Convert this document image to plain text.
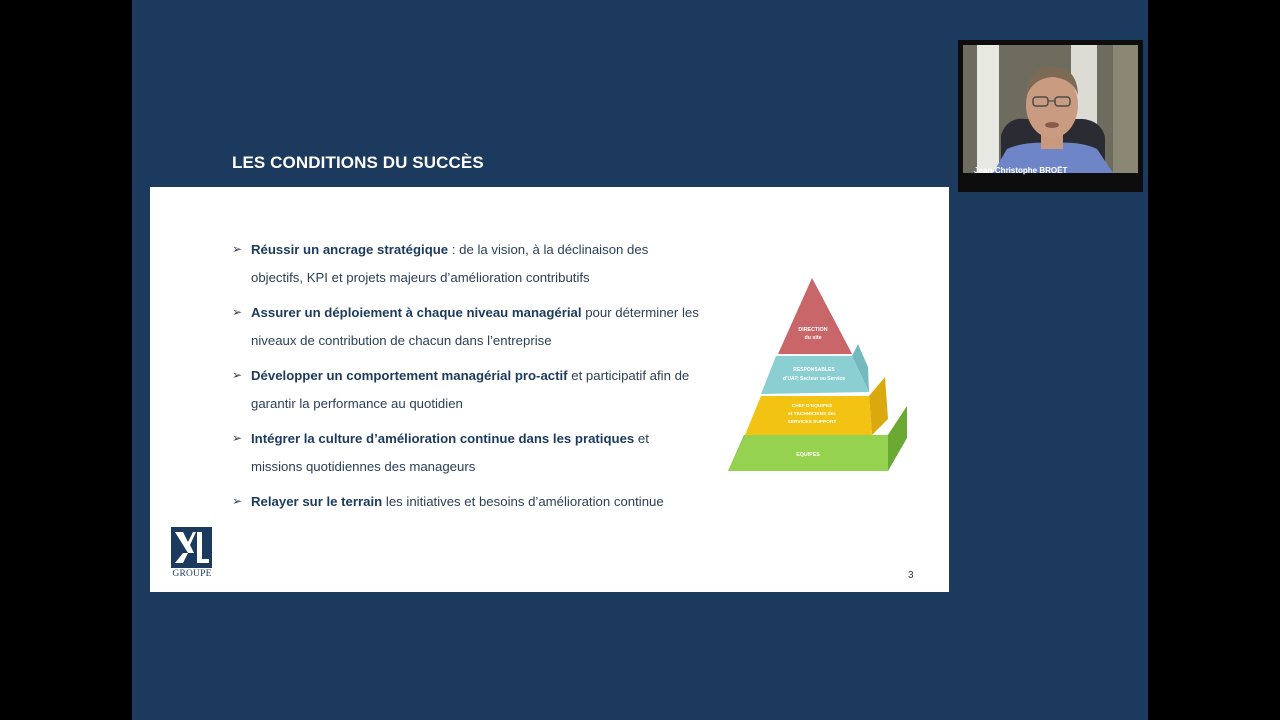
LES CONDITIONS DU SUCCÈS
➢ Réussir un ancrage stratégique : de la vision, à la déclinaison des objectifs, KPI et projets majeurs d’amélioration contributifs
➢ Assurer un déploiement à chaque niveau managérial pour déterminer les niveaux de contribution de chacun dans l’entreprise
➢ Développer un comportement managérial pro-actif et participatif afin de garantir la performance au quotidien
➢ Intégrer la culture d’amélioration continue dans les pratiques et missions quotidiennes des manageurs
➢ Relayer sur le terrain les initiatives et besoins d’amélioration continue
DIRECTION
du site
RESPONSABLES
d’UAP, Secteur ou Service
CHEF D’EQUIPES
et TECHNICIENS des
SERVICES SUPPORT
EQUIPES
GROUPE	3
Jean-Christophe BROËT
